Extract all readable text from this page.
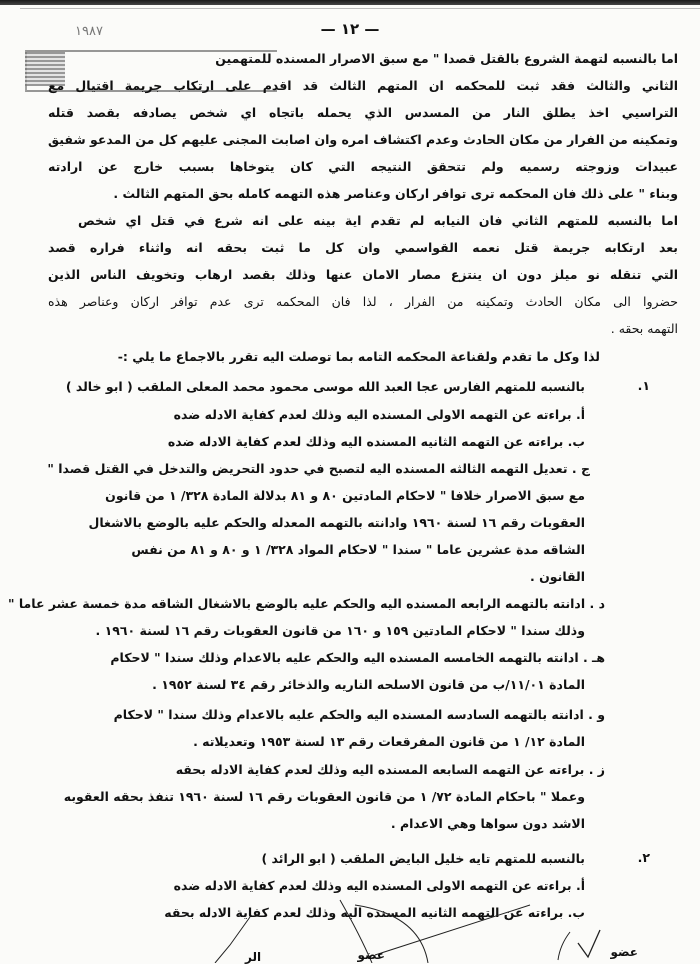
١٩٨٧	— ١٢ —
اما بالنسبه لتهمة الشروع بالقتل قصدا " مع سبق الاصرار المسنده للمتهمين
الثاني والثالث فقد ثبت للمحكمه ان المتهم الثالث قد اقدم على ارتكاب جريمة اقتيال مع
التراسيي اخذ يطلق النار من المسدس الذي يحمله باتجاه اي شخص يصادفه بقصد قتله
وتمكينه من الفرار من مكان الحادث وعدم اكتشاف امره وان اصابت المجنى عليهم كل من المدعو شفيق
عبيدات وزوجته رسميه ولم تتحقق النتيجه التي كان يتوخاها بسبب خارج عن ارادته
وبناء " على ذلك فان المحكمه ترى توافر اركان وعناصر هذه التهمه كامله بحق المتهم الثالث .
اما بالنسبه للمتهم الثاني فان النيابه لم تقدم اية بينه على انه شرع في قتل اي شخص
بعد ارتكابه جريمة قتل نعمه القواسمي وان كل ما ثبت بحقه انه واثناء فراره قصد
التي تنقله نو ميلز دون ان ينتزع مصار الامان عنها وذلك بقصد ارهاب وتخويف الناس الذين
حضروا الى مكان الحادث وتمكينه من الفرار ، لذا فان المحكمه ترى عدم توافر اركان وعناصر هذه
التهمه بحقه .
لذا وكل ما تقدم ولقناعة المحكمه التامه بما توصلت اليه تقرر بالاجماع ما يلي :-
١.
بالنسبه للمتهم الفارس عجا العبد الله موسى محمود محمد المعلى الملقب ( ابو خالد )
أ. براءته عن التهمه الاولى المسنده اليه وذلك لعدم كفاية الادله ضده
ب. براءته عن التهمه الثانيه المسنده اليه وذلك لعدم كفاية الادله ضده
ج . تعديل التهمه الثالثه المسنده اليه لتصبح في حدود التحريض والتدخل في القتل قصدا "
مع سبق الاصرار خلافا " لاحكام المادتين ٨٠ و ٨١ بدلالة المادة ٣٢٨/ ١ من قانون
العقوبات رقم ١٦ لسنة ١٩٦٠ وادانته بالتهمه المعدله والحكم عليه بالوضع بالاشغال
الشاقه مدة عشرين عاما " سندا " لاحكام المواد ٣٢٨/ ١ و ٨٠ و ٨١ من نفس
القانون .
د . ادانته بالتهمه الرابعه المسنده اليه والحكم عليه بالوضع بالاشغال الشاقه مدة خمسة عشر عاما "
وذلك سندا " لاحكام المادتين ١٥٩ و ١٦٠ من قانون العقوبات رقم ١٦ لسنة ١٩٦٠ .
هـ . ادانته بالتهمه الخامسه المسنده اليه والحكم عليه بالاعدام وذلك سندا " لاحكام
المادة ١١/٠١/ب من قانون الاسلحه الناريه والذخائر رقم ٣٤ لسنة ١٩٥٢ .
و . ادانته بالتهمه السادسه المسنده اليه والحكم عليه بالاعدام وذلك سندا " لاحكام
المادة ١٢/ ١ من قانون المفرقعات رقم ١٣ لسنة ١٩٥٣ وتعديلاته .
ز . براءته عن التهمه السابعه المسنده اليه وذلك لعدم كفاية الادله بحقه
وعملا " باحكام المادة ٧٢/ ١ من قانون العقوبات رقم ١٦ لسنة ١٩٦٠ تنفذ بحقه العقوبه
الاشد دون سواها وهي الاعدام .
٢.
بالنسبه للمتهم تايه خليل البايض الملقب ( ابو الرائد )
أ. براءته عن التهمه الاولى المسنده اليه وذلك لعدم كفاية الادله ضده
ب. براءته عن التهمه الثانيه المسنده اليه وذلك لعدم كفاية الادله بحقه
عضو
عضو
الر
